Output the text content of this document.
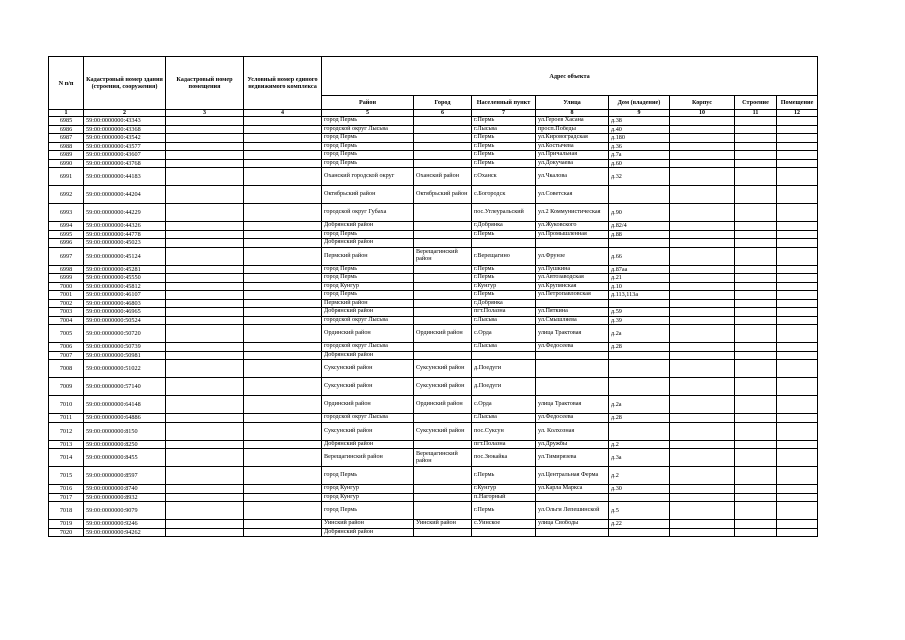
N п/п	Кадастровый номер здания (строения, сооружения)	Кадастровый номер помещения	Условный номер единого недвижимого комплекса	Адрес объекта							
				Район	Город	Населенный пункт	Улица	Дом (владение)	Корпус	Строение	Помещение
1	2	3	4	5	6	7	8	9	10	11	12
6985	59:00:0000000:43343			город Пермь		г.Пермь	ул.Героев Хасана	д.38			
6986	59:00:0000000:43368			городской округ Лысьва		г.Лысьва	просп.Победы	д.40			
6987	59:00:0000000:43542			город Пермь		г.Пермь	ул.Кировоградская	д.180			
6988	59:00:0000000:43577			город Пермь		г.Пермь	ул.Костычева	д.36			
6989	59:00:0000000:43607			город Пермь		г.Пермь	ул.Причальная	д.7а			
6990	59:00:0000000:43768			город Пермь		г.Пермь	ул.Докучаева	д.60			
6991	59:00:0000000:44183			Оханский городской округ	Оханский район	г.Оханск	ул.Чкалова	д.32			
6992	59:00:0000000:44204			Октябрьский район	Октябрьский район	с.Богородск	ул.Советская				
6993	59:00:0000000:44229			городской округ Губаха		пос.Углеуральский	ул.2 Коммунистическая	д.90			
6994	59:00:0000000:44326			Добрянский район		г.Добрянка	ул.Жуковского	д.82/4			
6995	59:00:0000000:44778			город Пермь		г.Пермь	ул.Промышленная	д.88			
6996	59:00:0000000:45023			Добрянский район							
6997	59:00:0000000:45124			Пермский район	Верещагинский район	г.Верещагино	ул.Фрунзе	д.66			
6998	59:00:0000000:45281			город Пермь		г.Пермь	ул.Пушкина	д.87аа			
6999	59:00:0000000:45550			город Пермь		г.Пермь	ул.Автозаводская	д.21			
7000	59:00:0000000:45812			город Кунгур		г.Кунгур	ул.Крупянская	д.10			
7001	59:00:0000000:46107			город Пермь		г.Пермь	ул.Петропавловская	д.113,113а			
7002	59:00:0000000:46803			Пермский район		г.Добрянка					
7003	59:00:0000000:46965			Добрянский район		пгт.Полазна	ул.Пяткина	д.59			
7004	59:00:0000000:50524			городской округ Лысьва		г.Лысьва	ул.Смышляева	д.39			
7005	59:00:0000000:50720			Ординский район	Ординский район	с.Орда	улица Трактовая	д.2а			
7006	59:00:0000000:50739			городской округ Лысьва		г.Лысьва	ул.Федосеева	д.28			
7007	59:00:0000000:50981			Добрянский район							
7008	59:00:0000000:51022			Суксунский район	Суксунский район	д.Поедуги					
7009	59:00:0000000:57140			Суксунский район	Суксунский район	д.Поедуги					
7010	59:00:0000000:64148			Ординский район	Ординский район	с.Орда	улица Трактовая	д.2а			
7011	59:00:0000000:64886			городской округ Лысьва		г.Лысьва	ул.Федосеева	д.28			
7012	59:00:0000000:8150			Суксунский район	Суксунский район	пос.Суксун	ул. Колхозная				
7013	59:00:0000000:8250			Добрянский район		пгт.Полазна	ул.Дружбы	д.2			
7014	59:00:0000000:8455			Верещагинский район	Верещагинский район	пос.Зюкайка	ул.Тимирязева	д.3а			
7015	59:00:0000000:8597			город Пермь		г.Пермь	ул.Центральная Ферма	д.2			
7016	59:00:0000000:8740			город Кунгур		г.Кунгур	ул.Карла Маркса	д.30			
7017	59:00:0000000:8932			город Кунгур		п.Нагорный					
7018	59:00:0000000:9079			город Пермь		г.Пермь	ул.Ольги Лепешинской	д.5			
7019	59:00:0000000:9246			Уинский район	Уинский район	с.Уинское	улица Свободы	д.22			
7020	59:00:0000000:94262			Добрянский район							
